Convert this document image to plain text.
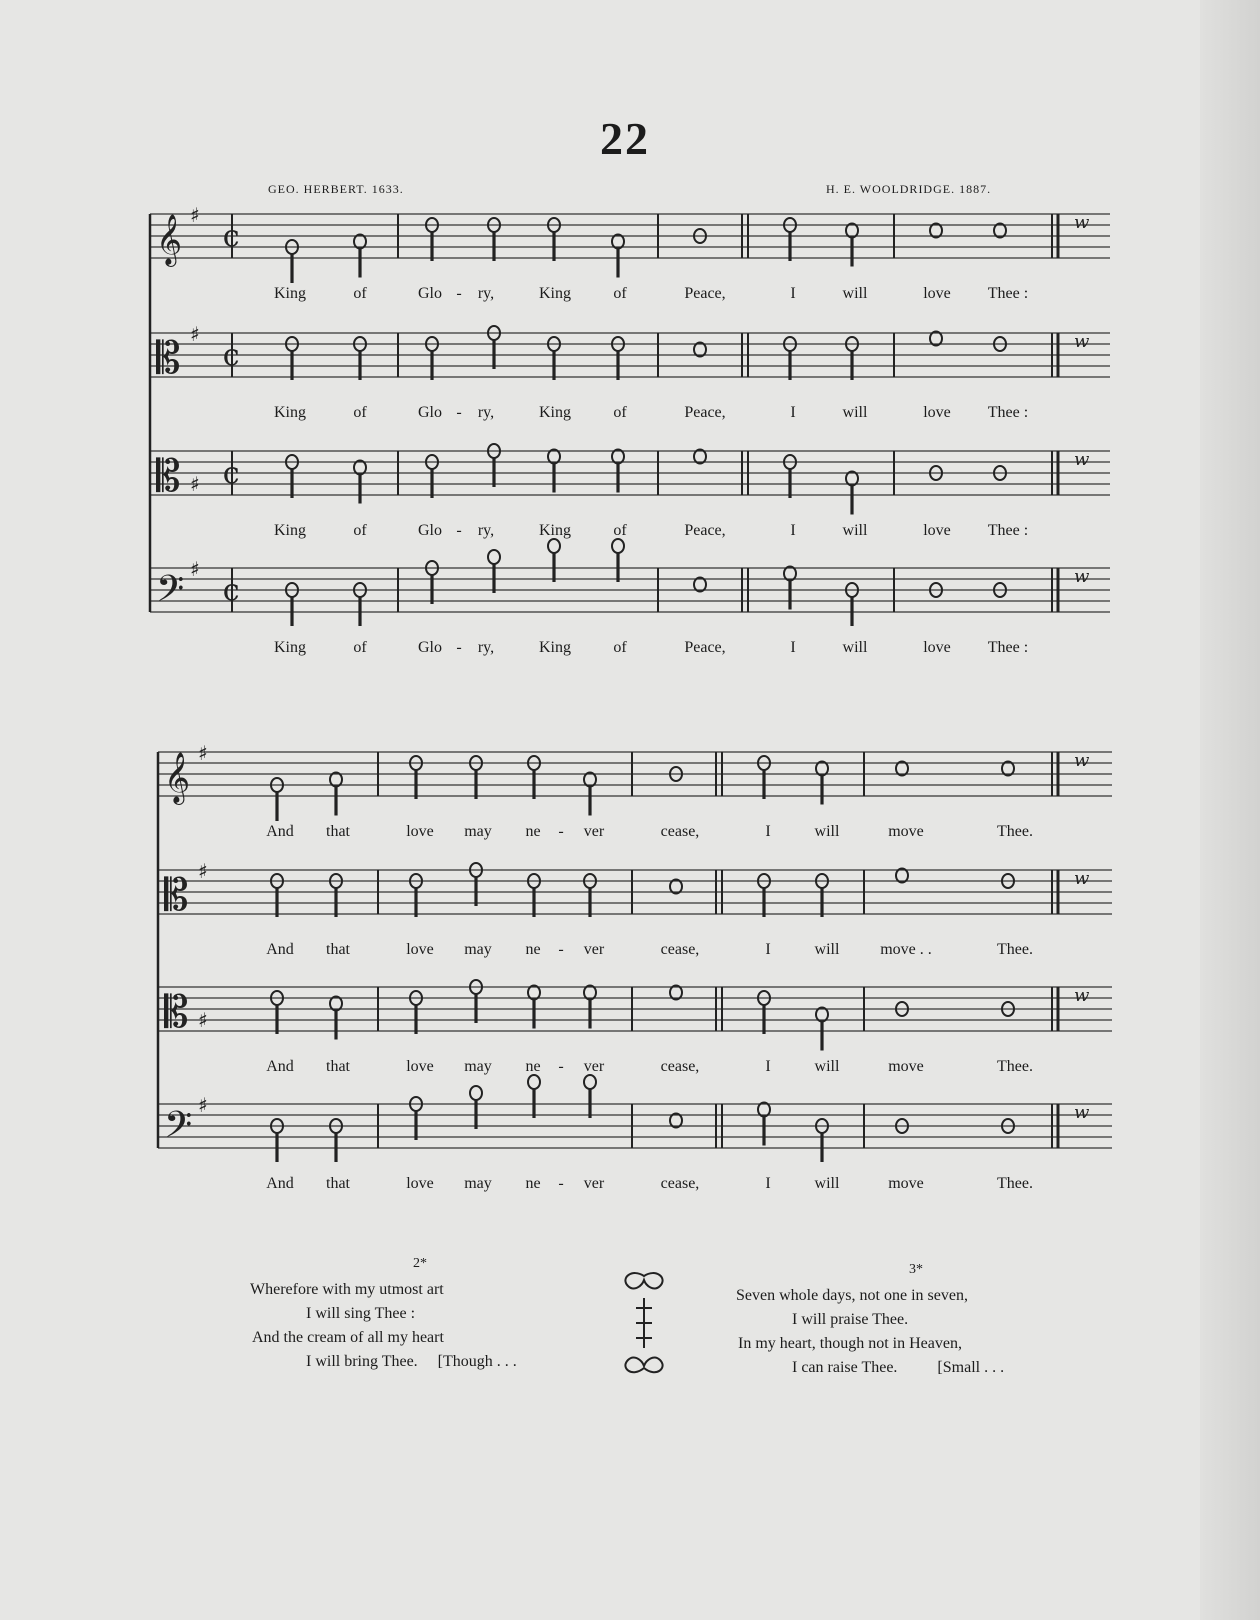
22
GEO. HERBERT. 1633.	H. E. WOOLDRIDGE. 1887.
𝄞 ♯
¢	w
King	of	Glo - ry,	King	of	Peace,	I	will	love Thee :
𝄡 ♯
¢	w
King	of	Glo - ry,	King	of	Peace,	I	will	love Thee :
𝄡 ♯ ¢	w
King	of	Glo - ry,	King	of	Peace,	I	will	love Thee :
𝄢 ♯
¢	w
King	of	Glo - ry,	King	of	Peace,	I	will	love Thee :
𝄞 ♯	w
And that	love may ne - ver	cease,	I	will	move	Thee.
𝄡 ♯	w
And that	love may ne - ver	cease,	I	will	move . .	Thee.
𝄡 ♯
w
And that	love may ne - ver	cease,	I	will	move	Thee.
𝄢 ♯	w
And that	love may ne - ver	cease,	I	will	move	Thee.
2*
Wherefore with my utmost art
I will sing Thee :
And the cream of all my heart
I will bring Thee.     [Though . . .
3*
Seven whole days, not one in seven,
I will praise Thee.
In my heart, though not in Heaven,
I can raise Thee.          [Small . . .
